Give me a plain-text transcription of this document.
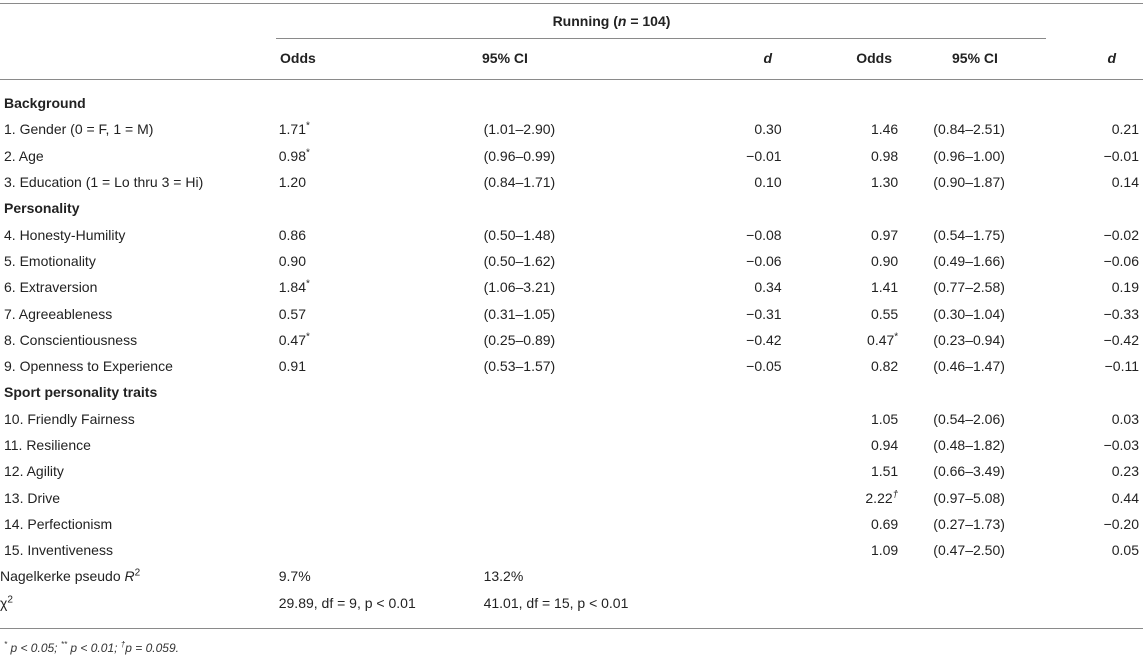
Running (n = 104)
Odds	95% CI	d	Odds	95% CI	d
Background						
1. Gender (0 = F, 1 = M)	1.71*	(1.01–2.90)	0.30	1.46	(0.84–2.51)	0.21
2. Age	0.98*	(0.96–0.99)	−0.01	0.98	(0.96–1.00)	−0.01
3. Education (1 = Lo thru 3 = Hi)	1.20	(0.84–1.71)	0.10	1.30	(0.90–1.87)	0.14
Personality						
4. Honesty-Humility	0.86	(0.50–1.48)	−0.08	0.97	(0.54–1.75)	−0.02
5. Emotionality	0.90	(0.50–1.62)	−0.06	0.90	(0.49–1.66)	−0.06
6. Extraversion	1.84*	(1.06–3.21)	0.34	1.41	(0.77–2.58)	0.19
7. Agreeableness	0.57	(0.31–1.05)	−0.31	0.55	(0.30–1.04)	−0.33
8. Conscientiousness	0.47*	(0.25–0.89)	−0.42	0.47*	(0.23–0.94)	−0.42
9. Openness to Experience	0.91	(0.53–1.57)	−0.05	0.82	(0.46–1.47)	−0.11
Sport personality traits						
10. Friendly Fairness				1.05	(0.54–2.06)	0.03
11. Resilience				0.94	(0.48–1.82)	−0.03
12. Agility				1.51	(0.66–3.49)	0.23
13. Drive				2.22†	(0.97–5.08)	0.44
14. Perfectionism				0.69	(0.27–1.73)	−0.20
15. Inventiveness				1.09	(0.47–2.50)	0.05
Nagelkerke pseudo $R^2$	9.7%	13.2%				
$\chi^2$	29.89, df = 9, p < 0.01	41.01, df = 15, p < 0.01				
* p < 0.05; ** p < 0.01; †p = 0.059.
